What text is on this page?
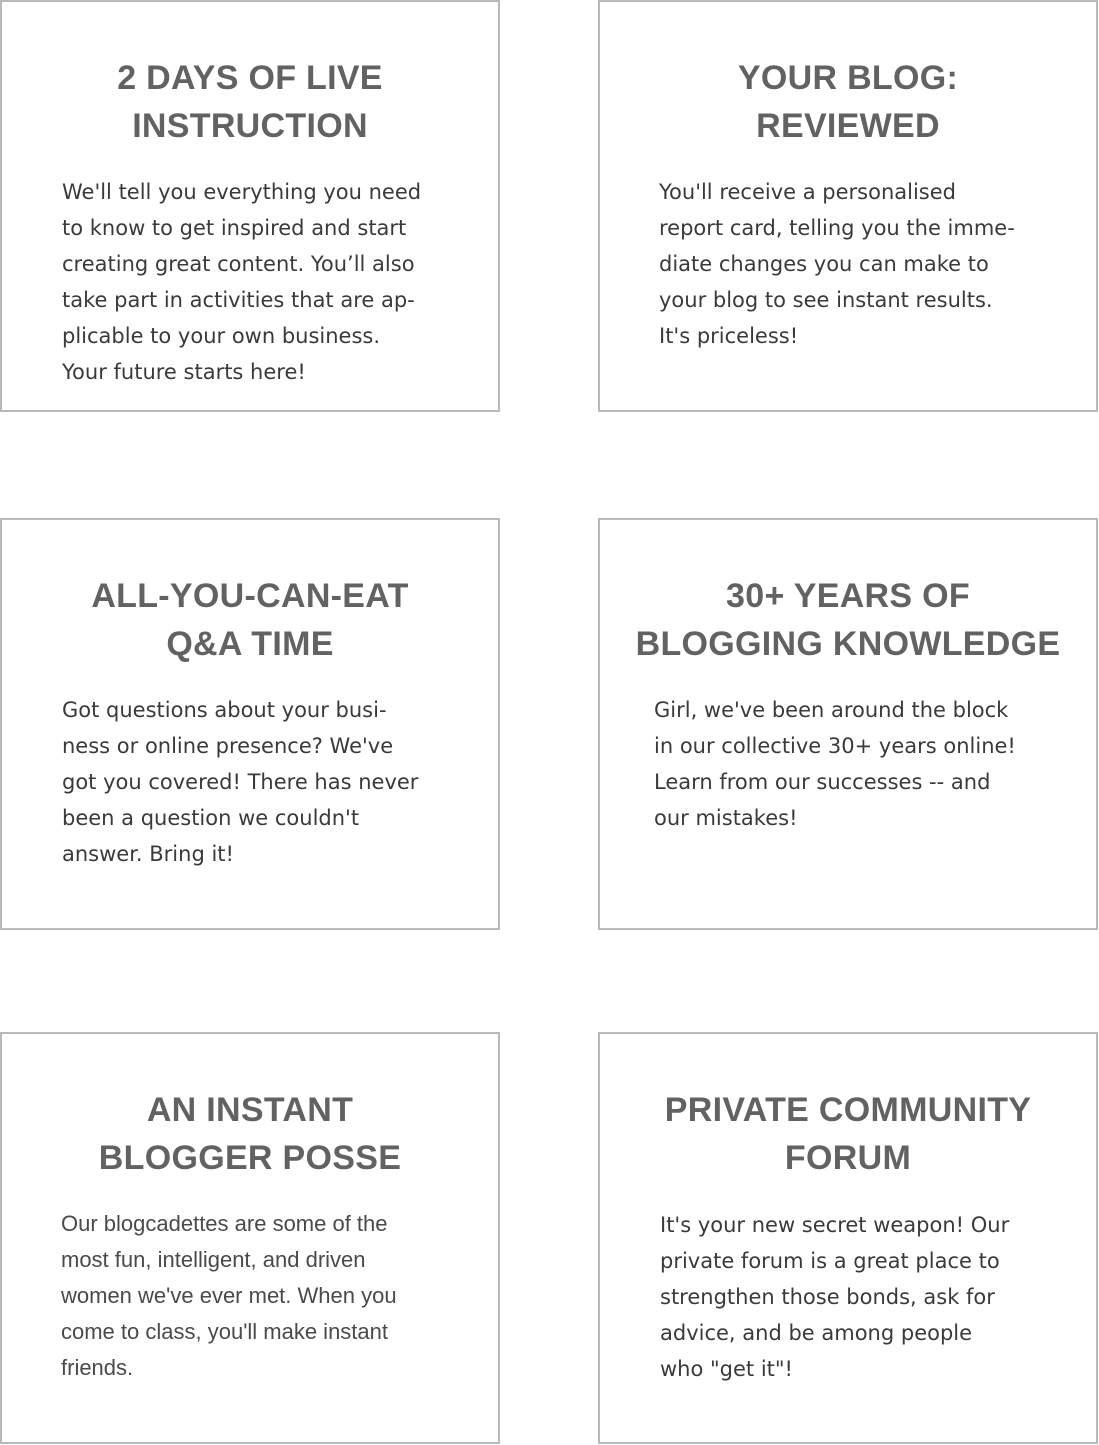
2 DAYS OF LIVE
INSTRUCTION

We'll tell you everything you need
to know to get inspired and start
creating great content. You’ll also
take part in activities that are ap-
plicable to your own business.
Your future starts here!

YOUR BLOG:
REVIEWED

You'll receive a personalised
report card, telling you the imme-
diate changes you can make to
your blog to see instant results.
It's priceless!

ALL-YOU-CAN-EAT
Q&A TIME

Got questions about your busi-
ness or online presence? We've
got you covered! There has never
been a question we couldn't
answer. Bring it!

30+ YEARS OF
BLOGGING KNOWLEDGE

Girl, we've been around the block
in our collective 30+ years online!
Learn from our successes -- and
our mistakes!

AN INSTANT
BLOGGER POSSE

Our blogcadettes are some of the
most fun, intelligent, and driven
women we've ever met. When you
come to class, you'll make instant
friends.

PRIVATE COMMUNITY
FORUM

It's your new secret weapon! Our
private forum is a great place to
strengthen those bonds, ask for
advice, and be among people
who "get it"!
